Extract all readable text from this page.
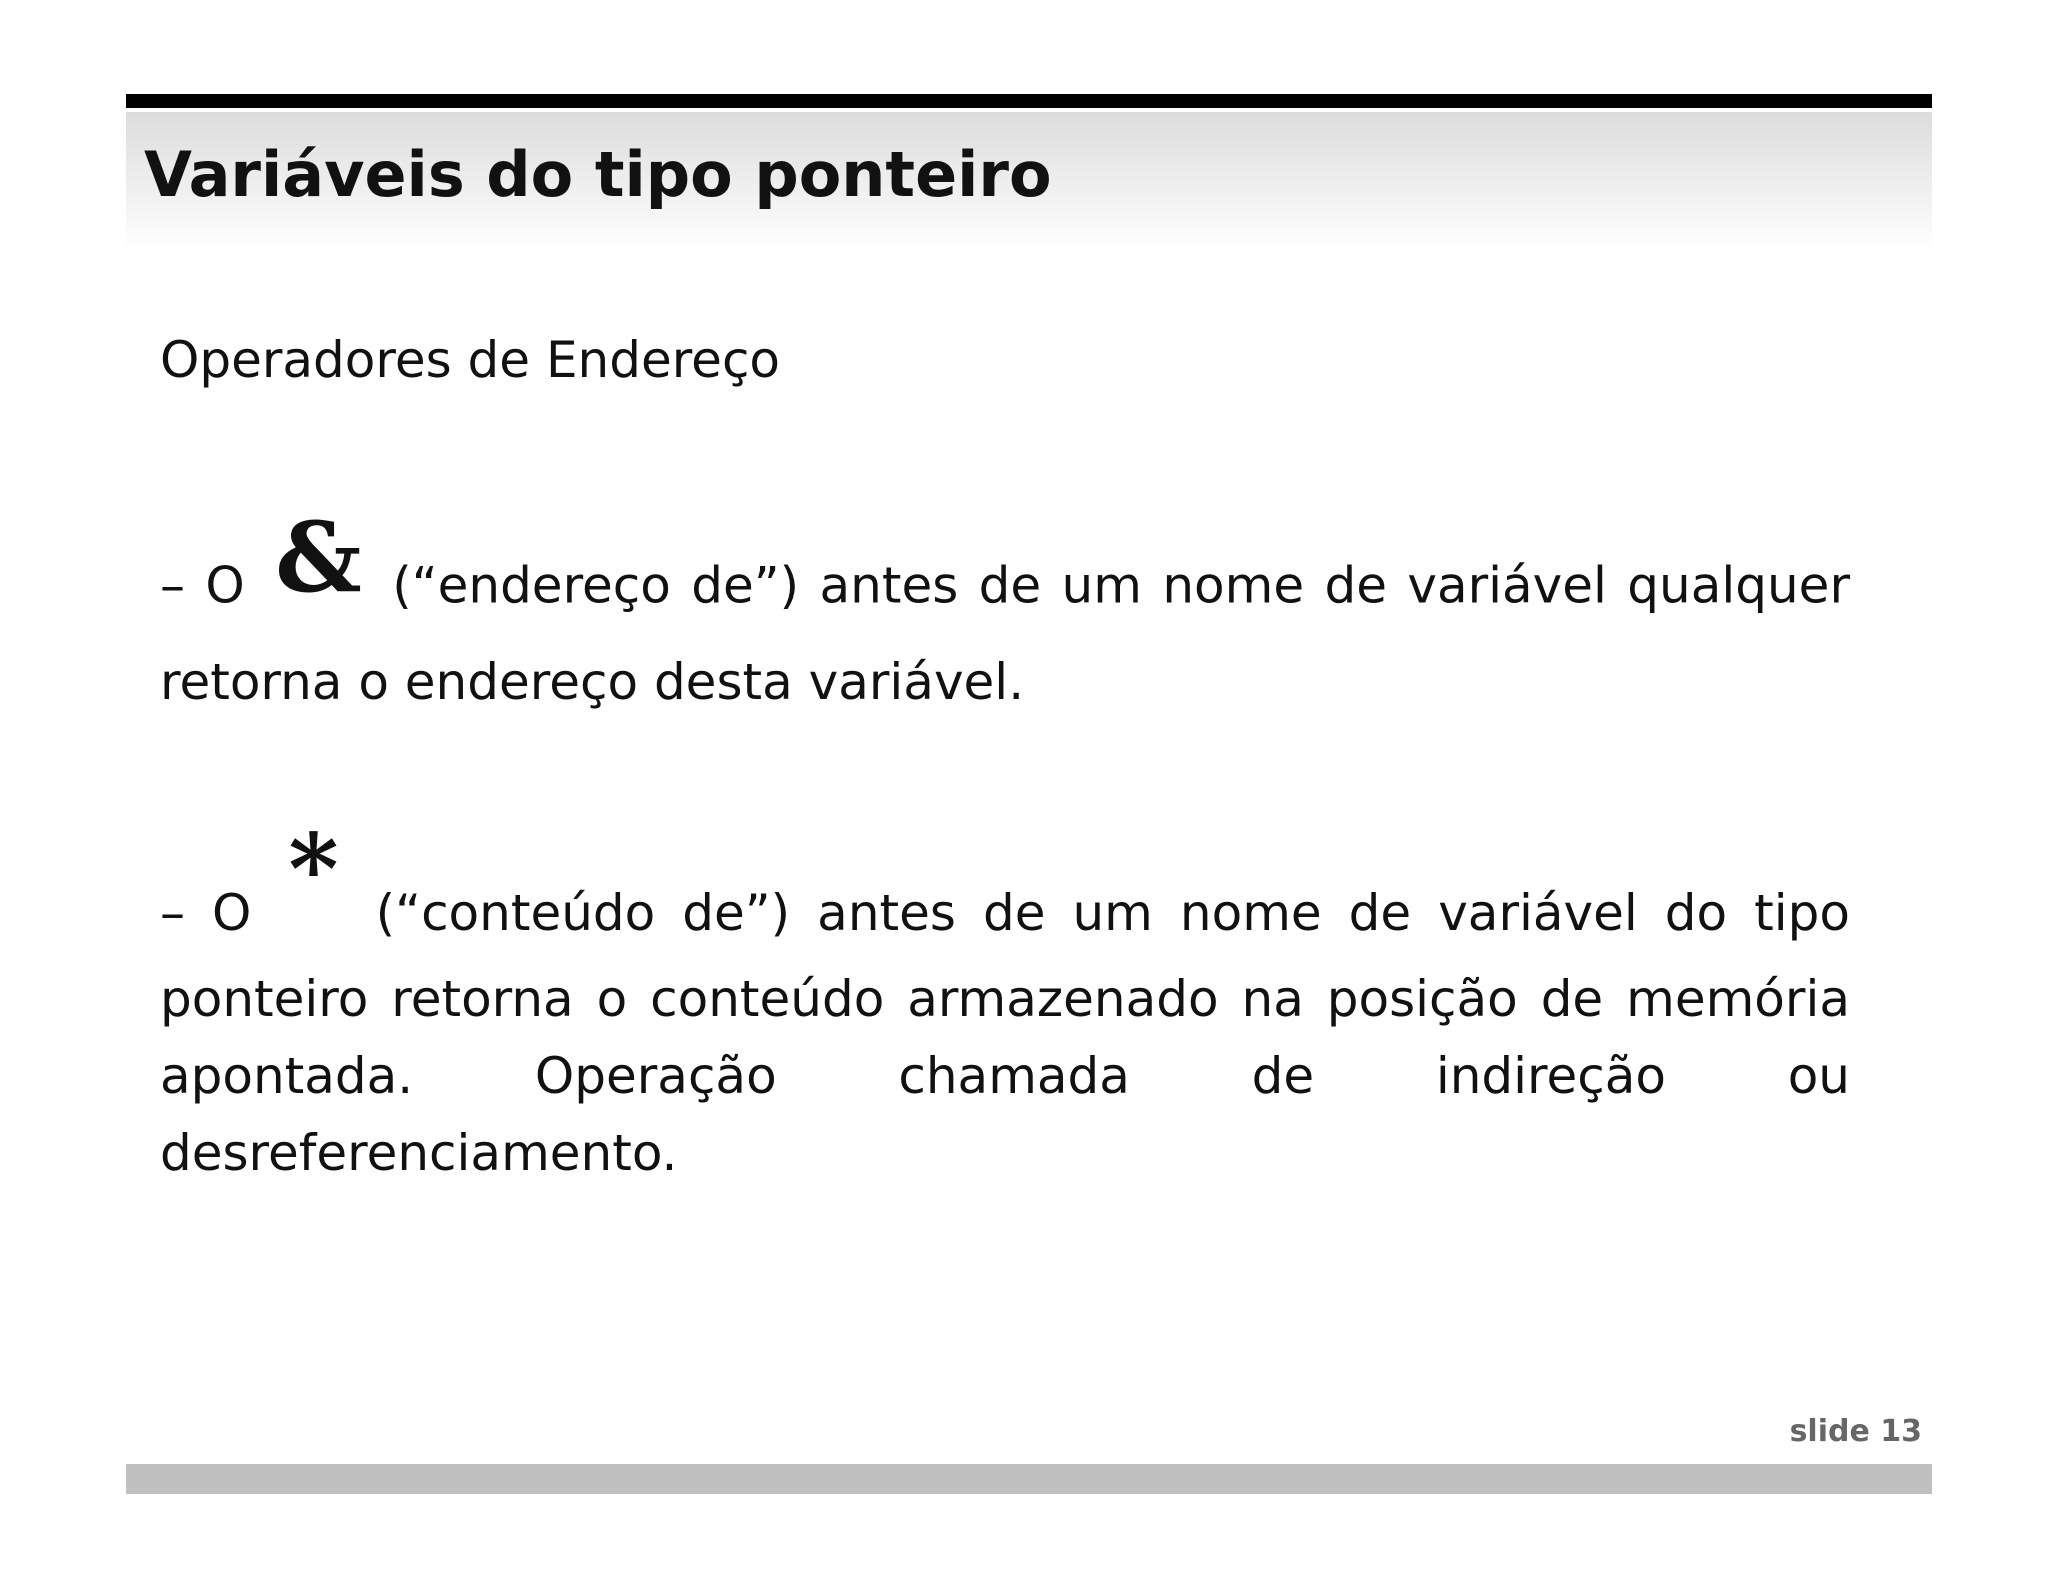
Variáveis do tipo ponteiro

Operadores de Endereço

– O & (“endereço de”) antes de um nome de variável qualquer retorna o endereço desta variável.

– O * (“conteúdo de”) antes de um nome de variável do tipo
ponteiro retorna o conteúdo armazenado na posição de memória apontada. Operação chamada de indireção ou desreferenciamento.
slide 13
